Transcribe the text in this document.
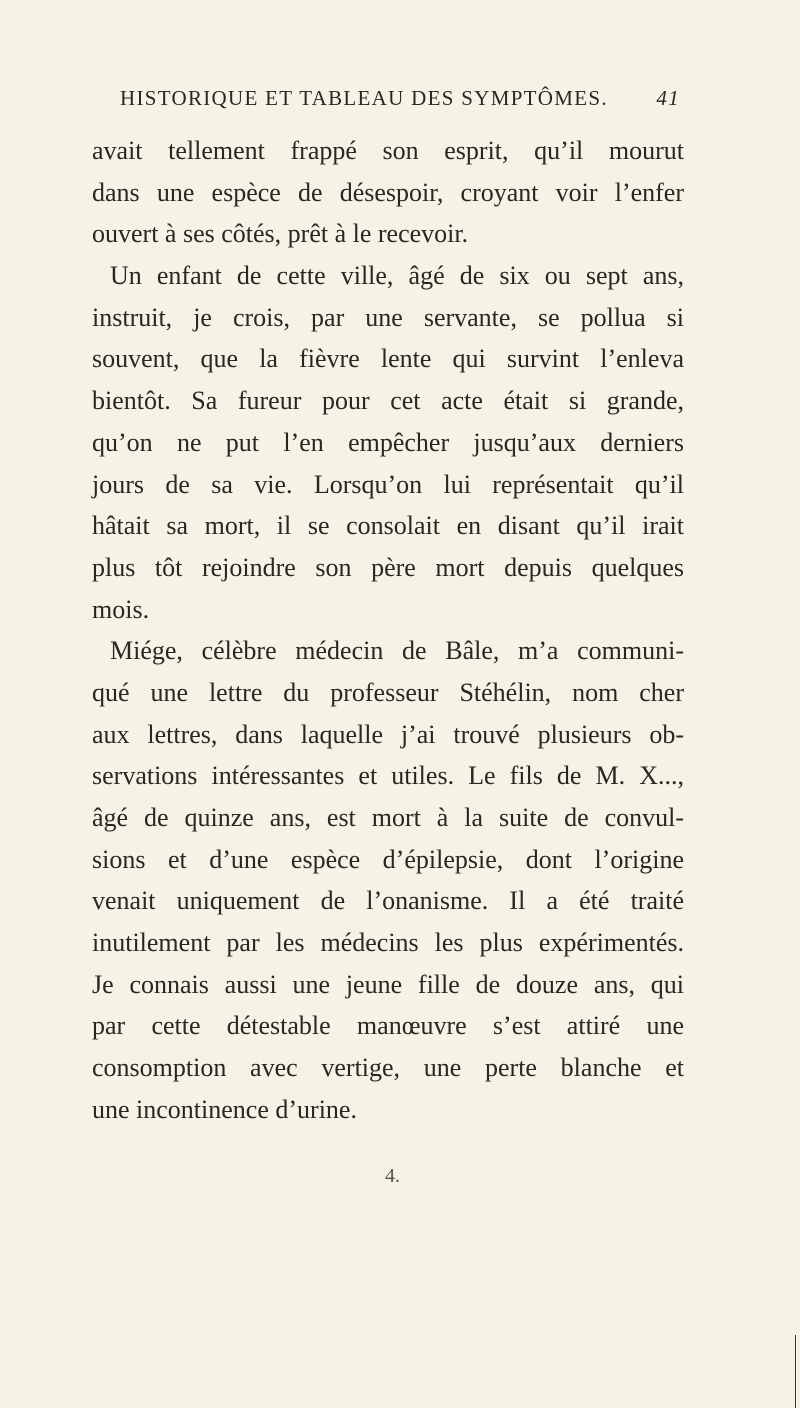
HISTORIQUE ET TABLEAU DES SYMPTÔMES. 41
avait tellement frappé son esprit, qu’il mourut
dans une espèce de désespoir, croyant voir l’enfer
ouvert à ses côtés, prêt à le recevoir.
Un enfant de cette ville, âgé de six ou sept ans,
instruit, je crois, par une servante, se pollua si
souvent, que la fièvre lente qui survint l’enleva
bientôt. Sa fureur pour cet acte était si grande,
qu’on ne put l’en empêcher jusqu’aux derniers
jours de sa vie. Lorsqu’on lui représentait qu’il
hâtait sa mort, il se consolait en disant qu’il irait
plus tôt rejoindre son père mort depuis quelques
mois.
Miége, célèbre médecin de Bâle, m’a communi-
qué une lettre du professeur Stéhélin, nom cher
aux lettres, dans laquelle j’ai trouvé plusieurs ob-
servations intéressantes et utiles. Le fils de M. X...,
âgé de quinze ans, est mort à la suite de convul-
sions et d’une espèce d’épilepsie, dont l’origine
venait uniquement de l’onanisme. Il a été traité
inutilement par les médecins les plus expérimentés.
Je connais aussi une jeune fille de douze ans, qui
par cette détestable manœuvre s’est attiré une
consomption avec vertige, une perte blanche et
une incontinence d’urine.
4.
